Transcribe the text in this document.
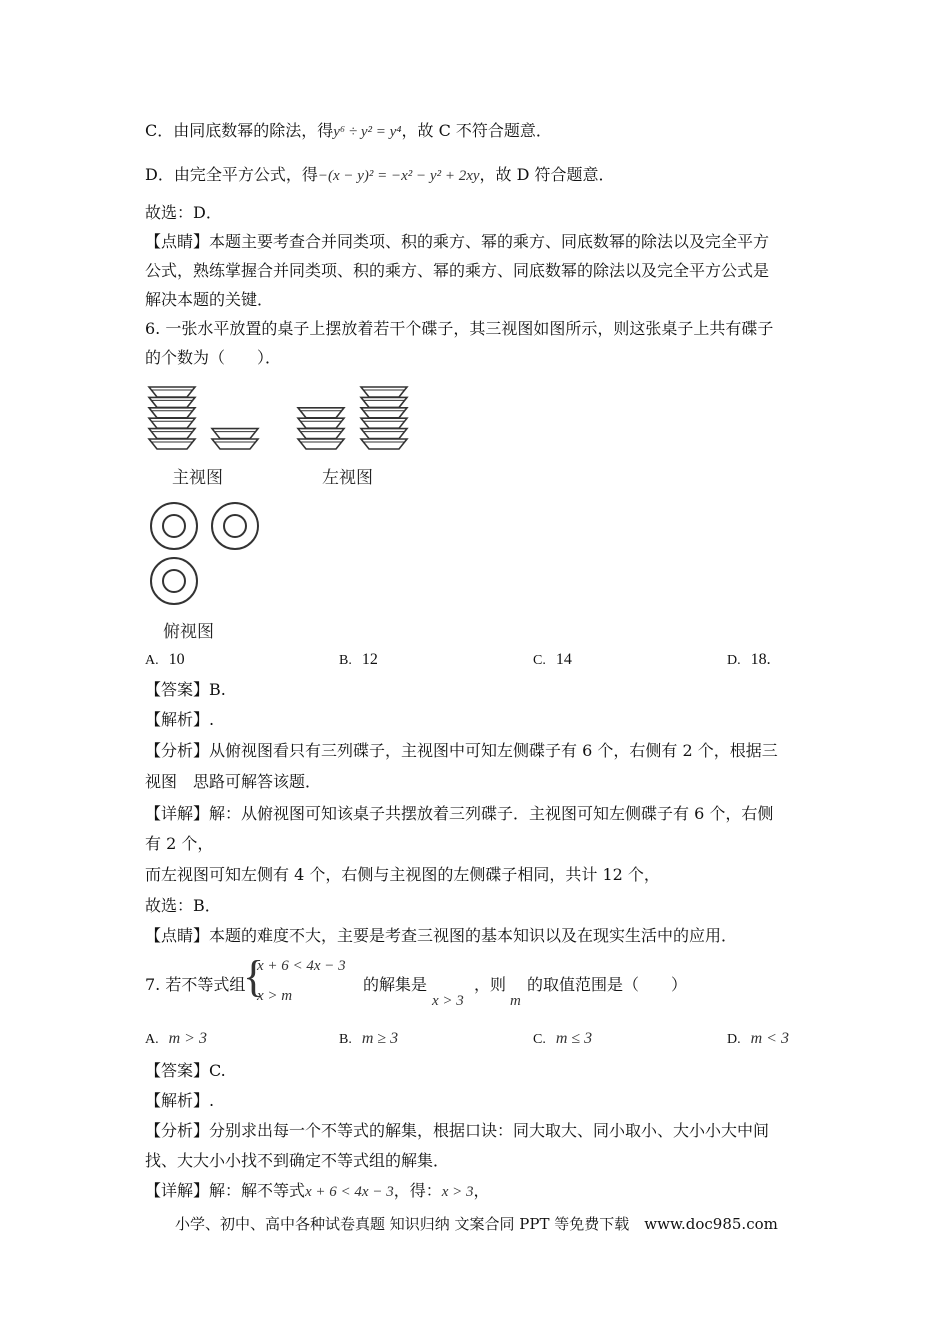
C．由同底数幂的除法，得y⁶ ÷ y² = y⁴，故 C 不符合题意．
D．由完全平方公式，得−(x − y)² = −x² − y² + 2xy，故 D 符合题意．
故选：D．
【点睛】本题主要考查合并同类项、积的乘方、幂的乘方、同底数幂的除法以及完全平方
公式，熟练掌握合并同类项、积的乘方、幂的乘方、同底数幂的除法以及完全平方公式是
解决本题的关键．
6. 一张水平放置的桌子上摆放着若干个碟子，其三视图如图所示，则这张桌子上共有碟子
的个数为（　　）．
主视图	左视图
俯视图
A. 10	B. 12	C. 14	D. 18.
【答案】B.
【解析】.
【分析】从俯视图看只有三列碟子，主视图中可知左侧碟子有 6 个，右侧有 2 个，根据三
视图　思路可解答该题．
【详解】解：从俯视图可知该桌子共摆放着三列碟子．主视图可知左侧碟子有 6 个，右侧
有 2 个，
而左视图可知左侧有 4 个，右侧与主视图的左侧碟子相同，共计 12 个，
故选：B．
【点睛】本题的难度不大，主要是考查三视图的基本知识以及在现实生活中的应用．
7. 若不等式组
{
x + 6 < 4x − 3
x > m
的解集是
x > 3
，则
m
的取值范围是（　　）
A. m > 3	B. m ≥ 3	C. m ≤ 3	D. m < 3
【答案】C.
【解析】.
【分析】分别求出每一个不等式的解集，根据口诀：同大取大、同小取小、大小小大中间
找、大大小小找不到确定不等式组的解集．
【详解】解：解不等式x + 6 < 4x − 3，得：x > 3，
小学、初中、高中各种试卷真题 知识归纳 文案合同 PPT 等免费下载　www.doc985.com
